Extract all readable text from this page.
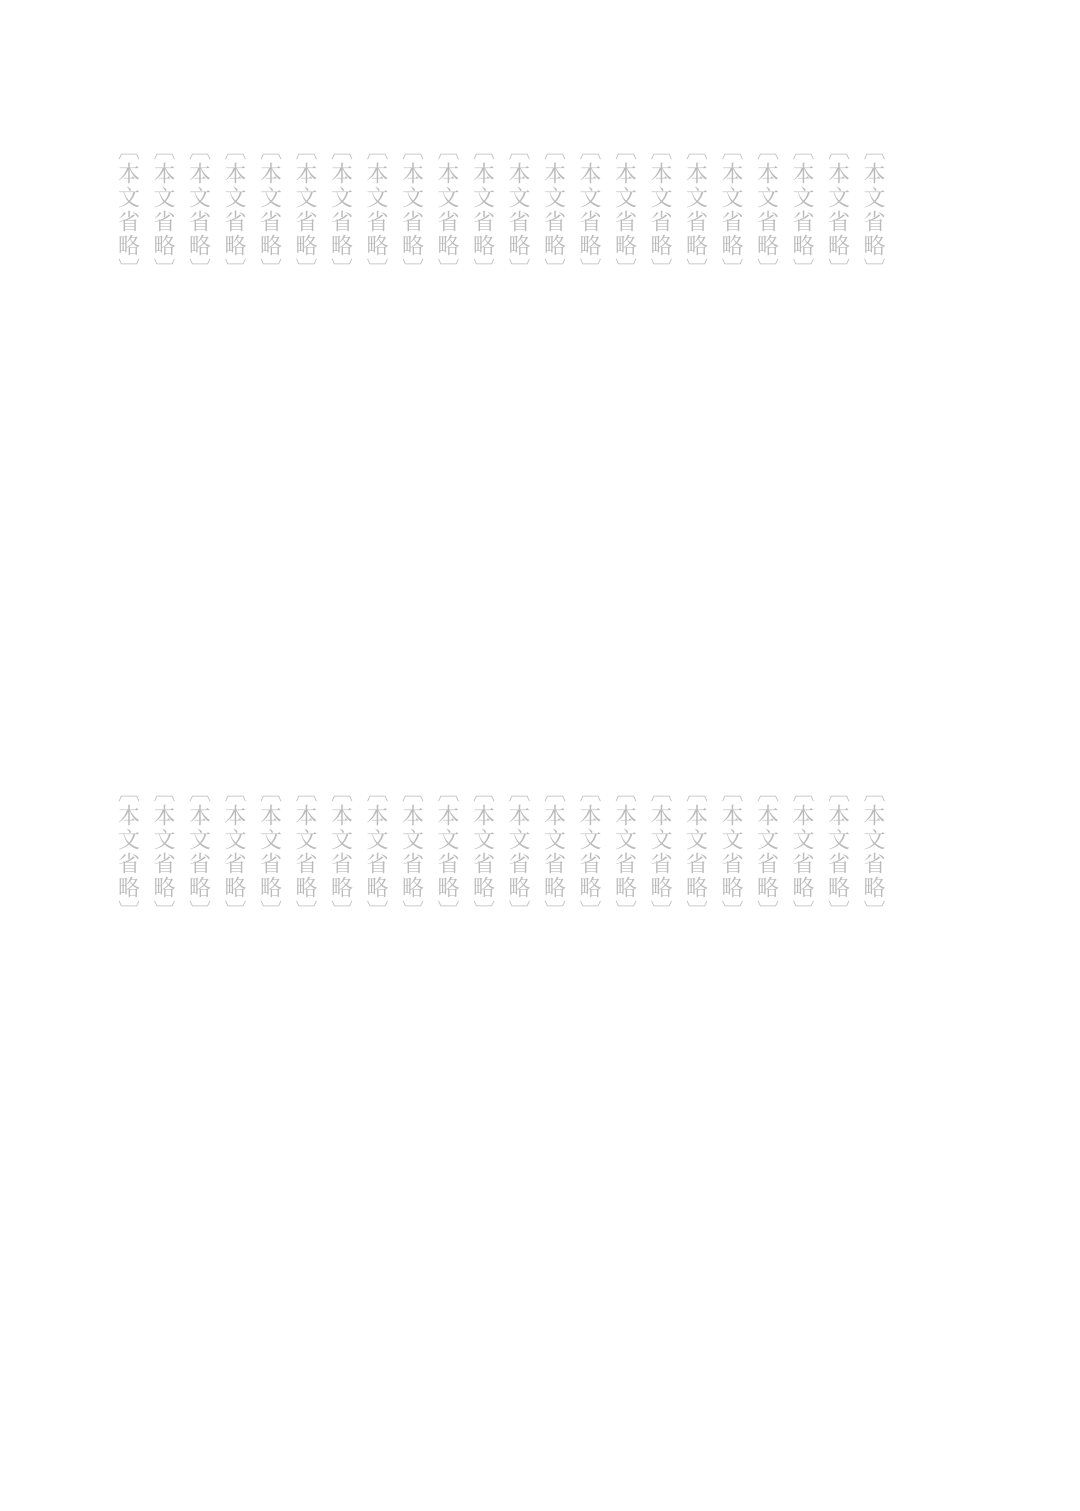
〔本文省略〕

〔本文省略〕

〔本文省略〕

〔本文省略〕

〔本文省略〕

〔本文省略〕

〔本文省略〕

〔本文省略〕

〔本文省略〕

〔本文省略〕

〔本文省略〕

〔本文省略〕

〔本文省略〕

〔本文省略〕

〔本文省略〕

〔本文省略〕

〔本文省略〕

〔本文省略〕

〔本文省略〕

〔本文省略〕

〔本文省略〕

〔本文省略〕

〔本文省略〕

〔本文省略〕

〔本文省略〕

〔本文省略〕

〔本文省略〕

〔本文省略〕

〔本文省略〕

〔本文省略〕

〔本文省略〕

〔本文省略〕

〔本文省略〕

〔本文省略〕

〔本文省略〕

〔本文省略〕

〔本文省略〕

〔本文省略〕

〔本文省略〕

〔本文省略〕

〔本文省略〕

〔本文省略〕

〔本文省略〕

〔本文省略〕
